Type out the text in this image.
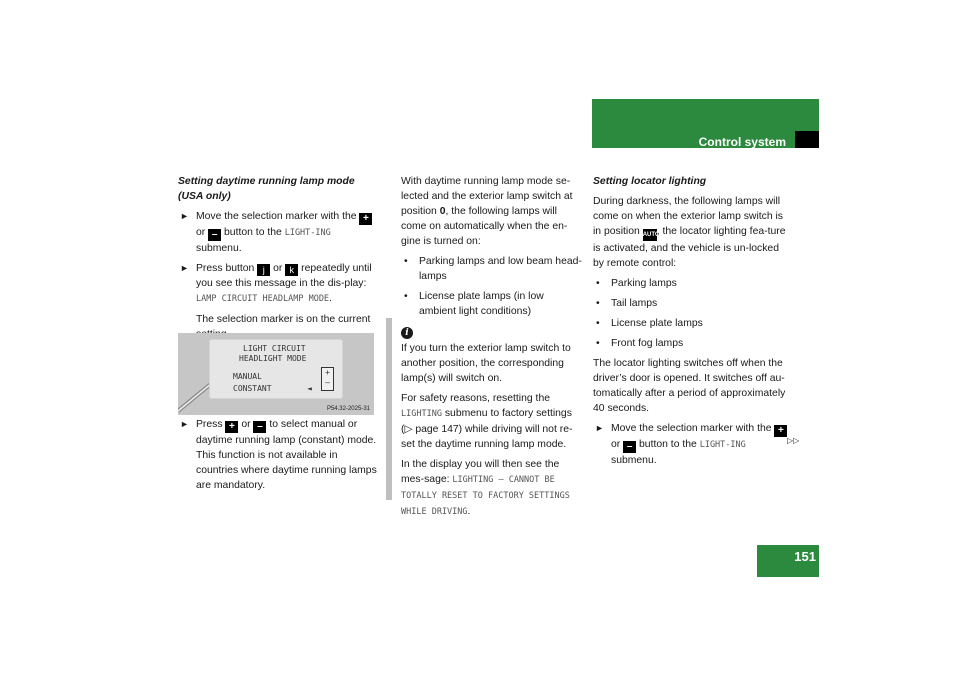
Controls in detail
Control system

Setting daytime running lamp mode
(USA only)

► Move the selection marker with the + or – button to the LIGHT-ING submenu.
► Press button j or k repeatedly until you see this message in the dis-play: LAMP CIRCUIT HEADLAMP MODE.

The selection marker is on the current

LIGHT CIRCUIT
HEADLIGHT MODE
MANUAL
CONSTANT	◄
+
–
P54.32-2025-31
► Press + or – to select manual or daytime running lamp (constant) mode. This function is not available in countries where daytime running lamps are mandatory.

With daytime running lamp mode se-lected and the exterior lamp switch at position 0, the following lamps will come on automatically when the en-gine is turned on:

• Parking lamps and low beam head-lamps
• License plate lamps (in low ambient light conditions)
i

If you turn the exterior lamp switch to another position, the corresponding lamp(s) will switch on.

For safety reasons, resetting the LIGHTING submenu to factory settings (▷ page 147) while driving will not re-set the daytime running lamp mode.

In the display you will then see the mes-sage: LIGHTING – CANNOT BE TOTALLY RESET TO FACTORY SETTINGS WHILE DRIVING.

Setting locator lighting

During darkness, the following lamps will come on when the exterior lamp switch is in position AUTO, the locator lighting fea-ture is activated, and the vehicle is un-locked by remote control:

• Parking lamps
• Tail lamps
• License plate lamps
• Front fog lamps

The locator lighting switches off when the driver’s door is opened. It switches off au-tomatically after a period of approximately 40 seconds.

► Move the selection marker with the + or – button to the LIGHT-ING submenu.
▷▷
151
